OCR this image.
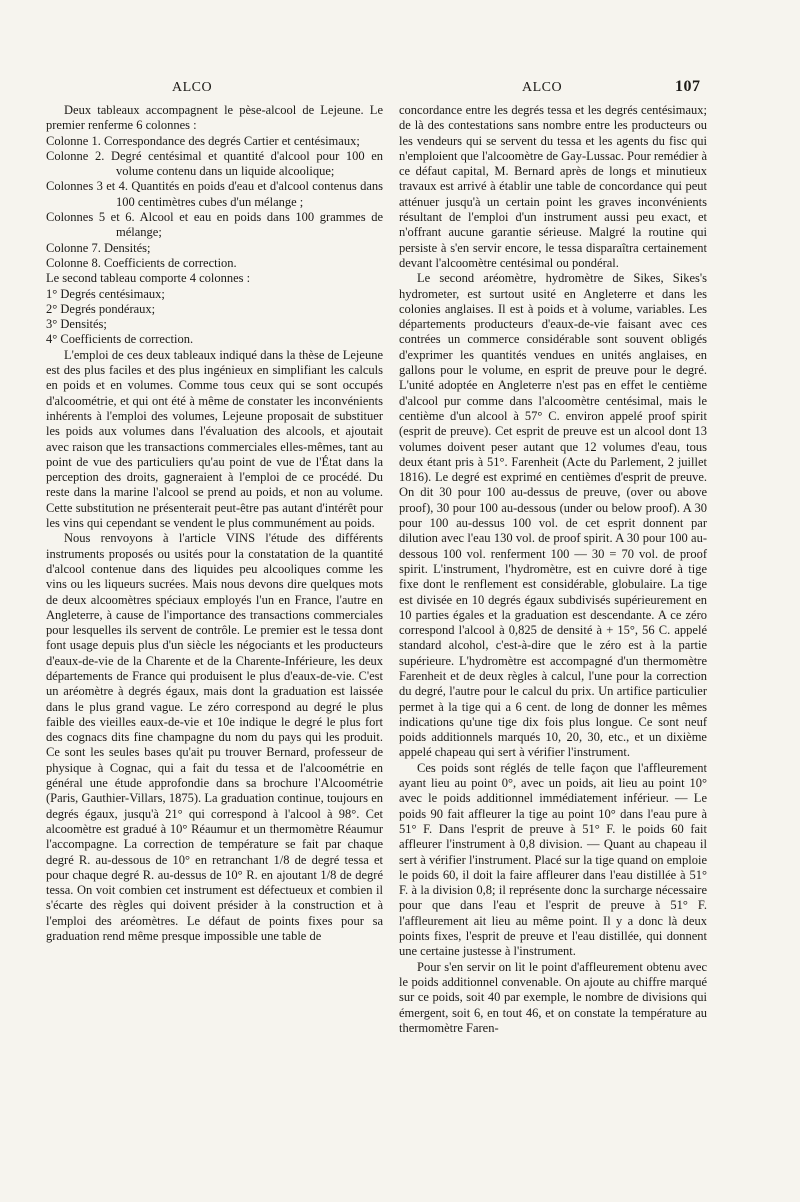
ALCO	ALCO	107

Deux tableaux accompagnent le pèse-alcool de Lejeune. Le premier renferme 6 colonnes :

Colonne 1. Correspondance des degrés Cartier et centésimaux;

Colonne 2. Degré centésimal et quantité d'alcool pour 100 en volume contenu dans un liquide alcoolique;

Colonnes 3 et 4. Quantités en poids d'eau et d'alcool contenus dans 100 centimètres cubes d'un mélange ;

Colonnes 5 et 6. Alcool et eau en poids dans 100 grammes de mélange;

Colonne 7. Densités;

Colonne 8. Coefficients de correction.

Le second tableau comporte 4 colonnes :

1° Degrés centésimaux;

2° Degrés pondéraux;

3° Densités;

4° Coefficients de correction.

L'emploi de ces deux tableaux indiqué dans la thèse de Lejeune est des plus faciles et des plus ingénieux en simplifiant les calculs en poids et en volumes. Comme tous ceux qui se sont occupés d'alcoométrie, et qui ont été à même de constater les inconvénients inhérents à l'emploi des volumes, Lejeune proposait de substituer les poids aux volumes dans l'évaluation des alcools, et ajoutait avec raison que les transactions commerciales elles-mêmes, tant au point de vue des particuliers qu'au point de vue de l'État dans la perception des droits, gagneraient à l'emploi de ce procédé. Du reste dans la marine l'alcool se prend au poids, et non au volume. Cette substitution ne présenterait peut-être pas autant d'intérêt pour les vins qui cependant se vendent le plus communément au poids.

Nous renvoyons à l'article VINS l'étude des différents instruments proposés ou usités pour la constatation de la quantité d'alcool contenue dans des liquides peu alcooliques comme les vins ou les liqueurs sucrées. Mais nous devons dire quelques mots de deux alcoomètres spéciaux employés l'un en France, l'autre en Angleterre, à cause de l'importance des transactions commerciales pour lesquelles ils servent de contrôle. Le premier est le tessa dont font usage depuis plus d'un siècle les négociants et les producteurs d'eaux-de-vie de la Charente et de la Charente-Inférieure, les deux départements de France qui produisent le plus d'eaux-de-vie. C'est un aréomètre à degrés égaux, mais dont la graduation est laissée dans le plus grand vague. Le zéro correspond au degré le plus faible des vieilles eaux-de-vie et 10e indique le degré le plus fort des cognacs dits fine champagne du nom du pays qui les produit. Ce sont les seules bases qu'ait pu trouver Bernard, professeur de physique à Cognac, qui a fait du tessa et de l'alcoométrie en général une étude approfondie dans sa brochure l'Alcoométrie (Paris, Gauthier-Villars, 1875). La graduation continue, toujours en degrés égaux, jusqu'à 21° qui correspond à l'alcool à 98°. Cet alcoomètre est gradué à 10° Réaumur et un thermomètre Réaumur l'accompagne. La correction de température se fait par chaque degré R. au-dessous de 10° en retranchant 1/8 de degré tessa et pour chaque degré R. au-dessus de 10° R. en ajoutant 1/8 de degré tessa. On voit combien cet instrument est défectueux et combien il s'écarte des règles qui doivent présider à la construction et à l'emploi des aréomètres. Le défaut de points fixes pour sa graduation rend même presque impossible une table de

concordance entre les degrés tessa et les degrés centésimaux; de là des contestations sans nombre entre les producteurs ou les vendeurs qui se servent du tessa et les agents du fisc qui n'emploient que l'alcoomètre de Gay-Lussac. Pour remédier à ce défaut capital, M. Bernard après de longs et minutieux travaux est arrivé à établir une table de concordance qui peut atténuer jusqu'à un certain point les graves inconvénients résultant de l'emploi d'un instrument aussi peu exact, et n'offrant aucune garantie sérieuse. Malgré la routine qui persiste à s'en servir encore, le tessa disparaîtra certainement devant l'alcoomètre centésimal ou pondéral.

Le second aréomètre, hydromètre de Sikes, Sikes's hydrometer, est surtout usité en Angleterre et dans les colonies anglaises. Il est à poids et à volume, variables. Les départements producteurs d'eaux-de-vie faisant avec ces contrées un commerce considérable sont souvent obligés d'exprimer les quantités vendues en unités anglaises, en gallons pour le volume, en esprit de preuve pour le degré. L'unité adoptée en Angleterre n'est pas en effet le centième d'alcool pur comme dans l'alcoomètre centésimal, mais le centième d'un alcool à 57° C. environ appelé proof spirit (esprit de preuve). Cet esprit de preuve est un alcool dont 13 volumes doivent peser autant que 12 volumes d'eau, tous deux étant pris à 51°. Farenheit (Acte du Parlement, 2 juillet 1816). Le degré est exprimé en centièmes d'esprit de preuve. On dit 30 pour 100 au-dessus de preuve, (over ou above proof), 30 pour 100 au-dessous (under ou below proof). A 30 pour 100 au-dessus 100 vol. de cet esprit donnent par dilution avec l'eau 130 vol. de proof spirit. A 30 pour 100 au-dessous 100 vol. renferment 100 — 30 = 70 vol. de proof spirit. L'instrument, l'hydromètre, est en cuivre doré à tige fixe dont le renflement est considérable, globulaire. La tige est divisée en 10 degrés égaux subdivisés supérieurement en 10 parties égales et la graduation est descendante. A ce zéro correspond l'alcool à 0,825 de densité à + 15°, 56 C. appelé standard alcohol, c'est-à-dire que le zéro est à la partie supérieure. L'hydromètre est accompagné d'un thermomètre Farenheit et de deux règles à calcul, l'une pour la correction du degré, l'autre pour le calcul du prix. Un artifice particulier permet à la tige qui a 6 cent. de long de donner les mêmes indications qu'une tige dix fois plus longue. Ce sont neuf poids additionnels marqués 10, 20, 30, etc., et un dixième appelé chapeau qui sert à vérifier l'instrument.

Ces poids sont réglés de telle façon que l'affleurement ayant lieu au point 0°, avec un poids, ait lieu au point 10° avec le poids additionnel immédiatement inférieur. — Le poids 90 fait affleurer la tige au point 10° dans l'eau pure à 51° F. Dans l'esprit de preuve à 51° F. le poids 60 fait affleurer l'instrument à 0,8 division. — Quant au chapeau il sert à vérifier l'instrument. Placé sur la tige quand on emploie le poids 60, il doit la faire affleurer dans l'eau distillée à 51° F. à la division 0,8; il représente donc la surcharge nécessaire pour que dans l'eau et l'esprit de preuve à 51° F. l'affleurement ait lieu au même point. Il y a donc là deux points fixes, l'esprit de preuve et l'eau distillée, qui donnent une certaine justesse à l'instrument.

Pour s'en servir on lit le point d'affleurement obtenu avec le poids additionnel convenable. On ajoute au chiffre marqué sur ce poids, soit 40 par exemple, le nombre de divisions qui émergent, soit 6, en tout 46, et on constate la température au thermomètre Faren-
